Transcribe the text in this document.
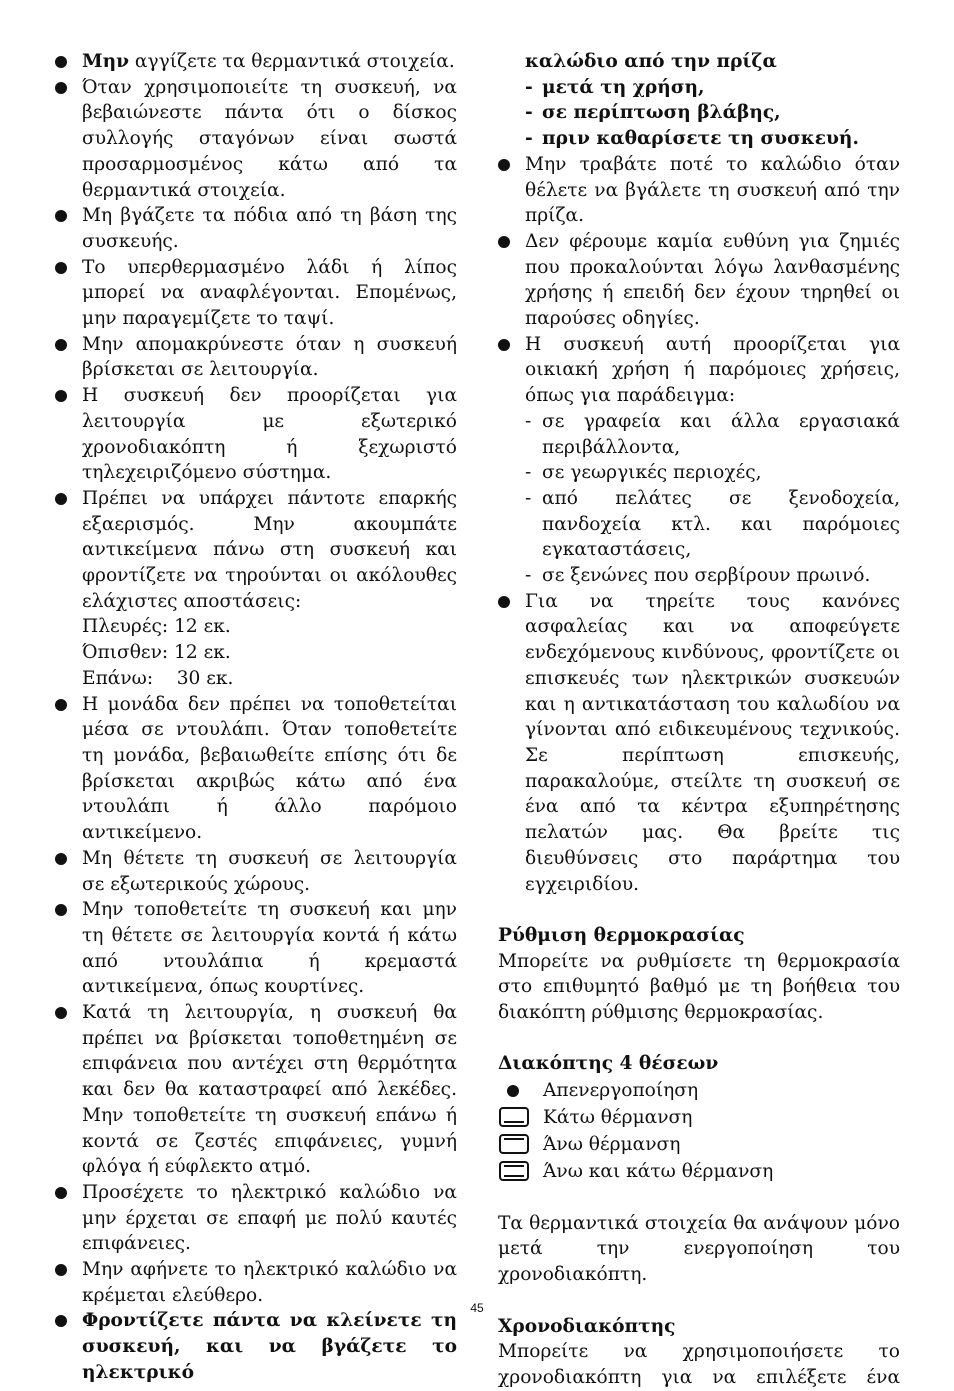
Μην αγγίζετε τα θερμαντικά στοιχεία.
Όταν χρησιμοποιείτε τη συσκευή, να βεβαιώνεστε πάντα ότι ο δίσκος συλλογής σταγόνων είναι σωστά προσαρμοσμένος κάτω από τα θερμαντικά στοιχεία.
Μη βγάζετε τα πόδια από τη βάση της συσκευής.
Το υπερθερμασμένο λάδι ή λίπος μπορεί να αναφλέγονται. Επομένως, μην παραγεμίζετε το ταψί.
Μην απομακρύνεστε όταν η συσκευή βρίσκεται σε λειτουργία.
Η συσκευή δεν προορίζεται για λειτουργία με εξωτερικό χρονοδιακόπτη ή ξεχωριστό τηλεχειριζόμενο σύστημα.
Πρέπει να υπάρχει πάντοτε επαρκής εξαερισμός. Μην ακουμπάτε αντικείμενα πάνω στη συσκευή και φροντίζετε να τηρούνται οι ακόλουθες ελάχιστες αποστάσεις:
Πλευρές: 12 εκ.
Όπισθεν: 12 εκ.
Επάνω:    30 εκ.
Η μονάδα δεν πρέπει να τοποθετείται μέσα σε ντουλάπι. Όταν τοποθετείτε τη μονάδα, βεβαιωθείτε επίσης ότι δε βρίσκεται ακριβώς κάτω από ένα ντουλάπι ή άλλο παρόμοιο αντικείμενο.
Μη θέτετε τη συσκευή σε λειτουργία σε εξωτερικούς χώρους.
Μην τοποθετείτε τη συσκευή και μην τη θέτετε σε λειτουργία κοντά ή κάτω από ντουλάπια ή κρεμαστά αντικείμενα, όπως κουρτίνες.
Κατά τη λειτουργία, η συσκευή θα πρέπει να βρίσκεται τοποθετημένη σε επιφάνεια που αντέχει στη θερμότητα και δεν θα καταστραφεί από λεκέδες. Μην τοποθετείτε τη συσκευή επάνω ή κοντά σε ζεστές επιφάνειες, γυμνή φλόγα ή εύφλεκτο ατμό.
Προσέχετε το ηλεκτρικό καλώδιο να μην έρχεται σε επαφή με πολύ καυτές επιφάνειες.
Μην αφήνετε το ηλεκτρικό καλώδιο να κρέμεται ελεύθερο.
Φροντίζετε πάντα να κλείνετε τη συσκευή, και να βγάζετε το ηλεκτρικό
καλώδιο από την πρίζα
- μετά τη χρήση,
- σε περίπτωση βλάβης,
- πριν καθαρίσετε τη συσκευή.
Μην τραβάτε ποτέ το καλώδιο όταν θέλετε να βγάλετε τη συσκευή από την πρίζα.
Δεν φέρουμε καμία ευθύνη για ζημιές που προκαλούνται λόγω λανθασμένης χρήσης ή επειδή δεν έχουν τηρηθεί οι παρούσες οδηγίες.
Η συσκευή αυτή προορίζεται για οικιακή χρήση ή παρόμοιες χρήσεις, όπως για παράδειγμα:
- σε γραφεία και άλλα εργασιακά περιβάλλοντα,
- σε γεωργικές περιοχές,
- από πελάτες σε ξενοδοχεία, πανδοχεία κτλ. και παρόμοιες εγκαταστάσεις,
- σε ξενώνες που σερβίρουν πρωινό.
Για να τηρείτε τους κανόνες ασφαλείας και να αποφεύγετε ενδεχόμενους κινδύνους, φροντίζετε οι επισκευές των ηλεκτρικών συσκευών και η αντικατάσταση του καλωδίου να γίνονται από ειδικευμένους τεχνικούς. Σε περίπτωση επισκευής, παρακαλούμε, στείλτε τη συσκευή σε ένα από τα κέντρα εξυπηρέτησης πελατών μας. Θα βρείτε τις διευθύνσεις στο παράρτημα του εγχειριδίου.
Ρύθμιση θερμοκρασίας
Μπορείτε να ρυθμίσετε τη θερμοκρασία στο επιθυμητό βαθμό με τη βοήθεια του διακόπτη ρύθμισης θερμοκρασίας.
Διακόπτης 4 θέσεων
Απενεργοποίηση
Κάτω θέρμανση
Άνω θέρμανση
Άνω και κάτω θέρμανση
Τα θερμαντικά στοιχεία θα ανάψουν μόνο μετά την ενεργοποίηση του χρονοδιακόπτη.
Χρονοδιακόπτης
Μπορείτε να χρησιμοποιήσετε το χρονοδιακόπτη για να επιλέξετε ένα
45
